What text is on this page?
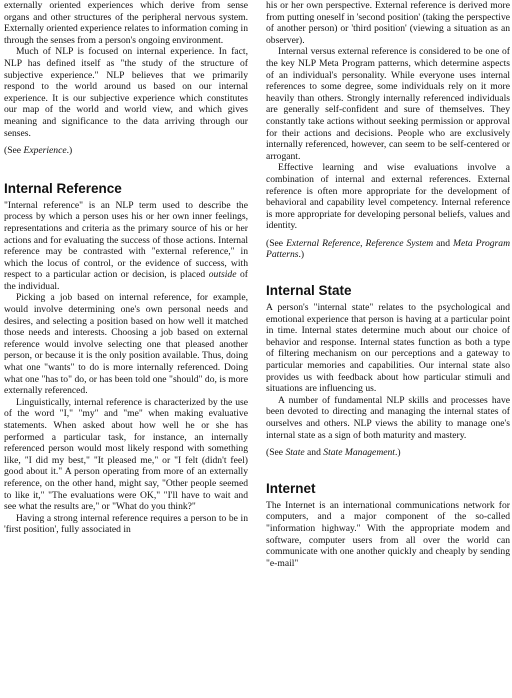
externally oriented experiences which derive from sense organs and other structures of the peripheral nervous system. Externally oriented experience relates to information coming in through the senses from a person's ongoing environment.

Much of NLP is focused on internal experience. In fact, NLP has defined itself as "the study of the structure of subjective experience." NLP believes that we primarily respond to the world around us based on our internal experience. It is our subjective experience which constitutes our map of the world and world view, and which gives meaning and significance to the data arriving through our senses.

(See Experience.)

Internal Reference

"Internal reference" is an NLP term used to describe the process by which a person uses his or her own inner feelings, representations and criteria as the primary source of his or her actions and for evaluating the success of those actions. Internal reference may be contrasted with "external reference," in which the locus of control, or the evidence of success, with respect to a particular action or decision, is placed outside of the individual.

Picking a job based on internal reference, for example, would involve determining one's own personal needs and desires, and selecting a position based on how well it matched those needs and interests. Choosing a job based on external reference would involve selecting one that pleased another person, or because it is the only position available. Thus, doing what one "wants" to do is more internally referenced. Doing what one "has to" do, or has been told one "should" do, is more externally referenced.

Linguistically, internal reference is characterized by the use of the word "I," "my" and "me" when making evaluative statements. When asked about how well he or she has performed a particular task, for instance, an internally referenced person would most likely respond with something like, "I did my best," "It pleased me," or "I felt (didn't feel) good about it." A person operating from more of an externally reference, on the other hand, might say, "Other people seemed to like it," "The evaluations were OK," "I'll have to wait and see what the results are," or "What do you think?"

Having a strong internal reference requires a person to be in 'first position', fully associated in

his or her own perspective. External reference is derived more from putting oneself in 'second position' (taking the perspective of another person) or 'third position' (viewing a situation as an observer).

Internal versus external reference is considered to be one of the key NLP Meta Program patterns, which determine aspects of an individual's personality. While everyone uses internal references to some degree, some individuals rely on it more heavily than others. Strongly internally referenced individuals are generally self-confident and sure of themselves. They constantly take actions without seeking permission or approval for their actions and decisions. People who are exclusively internally referenced, however, can seem to be self-centered or arrogant.

Effective learning and wise evaluations involve a combination of internal and external references. External reference is often more appropriate for the development of behavioral and capability level competency. Internal reference is more appropriate for developing personal beliefs, values and identity.

(See External Reference, Reference System and Meta Program Patterns.)

Internal State

A person's "internal state" relates to the psychological and emotional experience that person is having at a particular point in time. Internal states determine much about our choice of behavior and response. Internal states function as both a type of filtering mechanism on our perceptions and a gateway to particular memories and capabilities. Our internal state also provides us with feedback about how particular stimuli and situations are influencing us.

A number of fundamental NLP skills and processes have been devoted to directing and managing the internal states of ourselves and others. NLP views the ability to manage one's internal state as a sign of both maturity and mastery.

(See State and State Management.)

Internet

The Internet is an international communications network for computers, and a major component of the so-called "information highway." With the appropriate modem and software, computer users from all over the world can communicate with one another quickly and cheaply by sending "e-mail"
